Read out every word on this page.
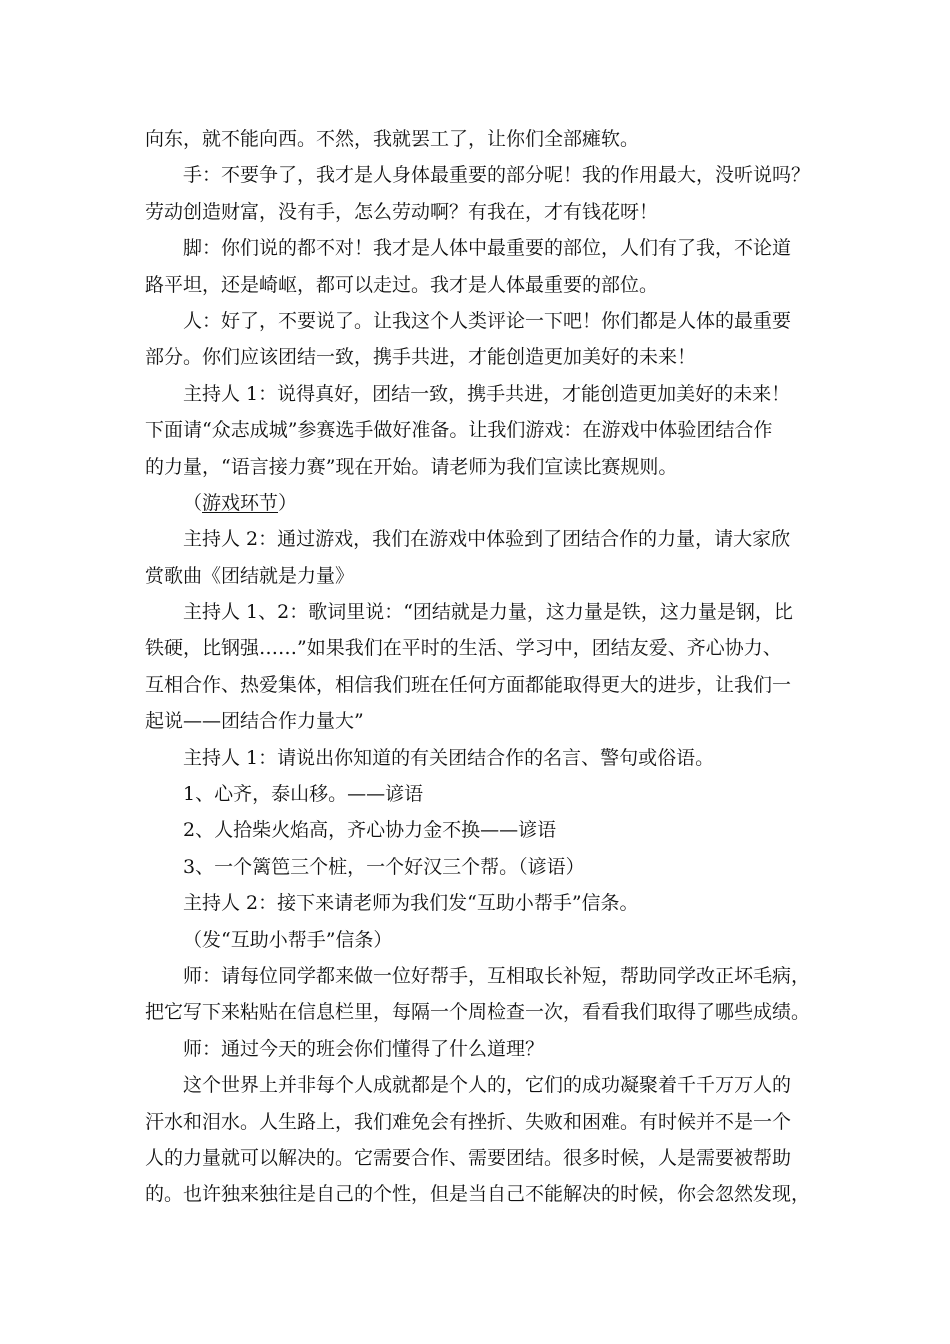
向东，就不能向西。不然，我就罢工了，让你们全部瘫软。
手：不要争了，我才是人身体最重要的部分呢！我的作用最大，没听说吗？
劳动创造财富，没有手，怎么劳动啊？有我在，才有钱花呀！
脚：你们说的都不对！我才是人体中最重要的部位，人们有了我，不论道
路平坦，还是崎岖，都可以走过。我才是人体最重要的部位。
人：好了，不要说了。让我这个人类评论一下吧！你们都是人体的最重要
部分。你们应该团结一致，携手共进，才能创造更加美好的未来！
主持人 1：说得真好，团结一致，携手共进，才能创造更加美好的未来！
下面请“众志成城”参赛选手做好准备。让我们游戏：在游戏中体验团结合作
的力量，“语言接力赛”现在开始。请老师为我们宣读比赛规则。
（游戏环节）
主持人 2：通过游戏，我们在游戏中体验到了团结合作的力量，请大家欣
赏歌曲《团结就是力量》
主持人 1、2：歌词里说：“团结就是力量，这力量是铁，这力量是钢，比
铁硬，比钢强……”如果我们在平时的生活、学习中，团结友爱、齐心协力、
互相合作、热爱集体，相信我们班在任何方面都能取得更大的进步，让我们一
起说——团结合作力量大”
主持人 1：请说出你知道的有关团结合作的名言、警句或俗语。
1、心齐，泰山移。——谚语
2、人拾柴火焰高，齐心协力金不换——谚语
3、一个篱笆三个桩，一个好汉三个帮。（谚语）
主持人 2：接下来请老师为我们发“互助小帮手”信条。
（发“互助小帮手”信条）
师：请每位同学都来做一位好帮手，互相取长补短，帮助同学改正坏毛病，
把它写下来粘贴在信息栏里，每隔一个周检查一次，看看我们取得了哪些成绩。
师：通过今天的班会你们懂得了什么道理？
这个世界上并非每个人成就都是个人的，它们的成功凝聚着千千万万人的
汗水和泪水。人生路上，我们难免会有挫折、失败和困难。有时候并不是一个
人的力量就可以解决的。它需要合作、需要团结。很多时候，人是需要被帮助
的。也许独来独往是自己的个性，但是当自己不能解决的时候，你会忽然发现，
